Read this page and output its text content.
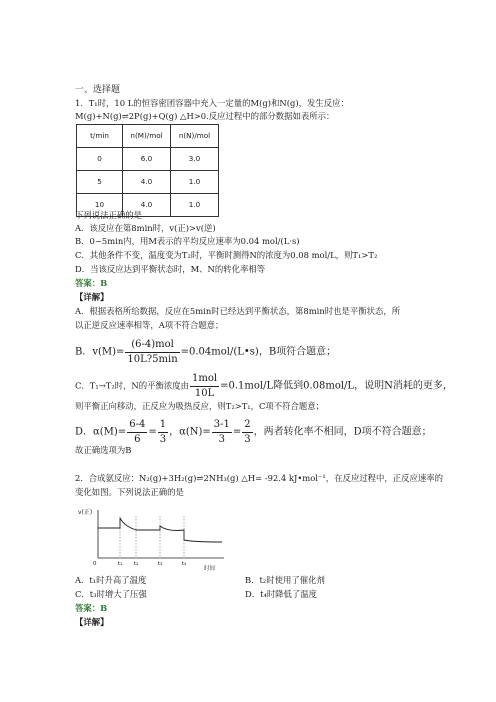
一、选择题
1．T₁时，10 L的恒容密团容器中充入一定量的M(g)和N(g)，发生反应：
M(g)+N(g)⇌2P(g)+Q(g) △H>0.反应过程中的部分数据如表所示：
t/min	n(M)/mol	n(N)/mol
0	6.0	3.0
5	4.0	1.0
10	4.0	1.0
下列说法正确的是
A．该反应在第8min时，v(正)>v(逆)
B．0~5min内，用M表示的平均反应速率为0.04 mol/(L·s)
C．其他条件不变，温度变为T₂时，平衡时测得N的浓度为0.08 mol/L，则T₁>T₂
D．当该反应达到平衡状态时，M、N的转化率相等
答案：B
【详解】
A．根据表格所给数据，反应在5min时已经达到平衡状态，第8min时也是平衡状态，所
以正逆反应速率相等，A项不符合题意；
B．$v(M)= \frac{\text{(6-4)mol}}{10L?5\min}$ =0.04mol/(L•s)，B项符合题意；
C．T₁→T₂时，N的平衡浓度由 $\frac{\text{1mol}}{10L} =0.1mol/L$降低到0.08mol/L，说明N消耗的更多，
则平衡正向移动，正反应为吸热反应，则T₂>T₁，C项不符合题意；
D．$\alpha(M)= \frac{6-4}{6} = \frac{1}{3}$ ，$\alpha(N)= \frac{3-1}{3} = \frac{2}{3}$ ，两者转化率不相同，D项不符合题意；
故正确选项为B
2．合成氨反应：N₂(g)+3H₂(g)⇌2NH₃(g) △H= -92.4 kJ•mol⁻¹，在反应过程中，正反应速率的
变化如图。下列说法正确的是
v(正)
0	t₁ t₂	t₃	t₄
时间
A．t₁时升高了温度	B．t₂时使用了催化剂
C．t₃时增大了压强	D．t₄时降低了温度
答案：B
【详解】
